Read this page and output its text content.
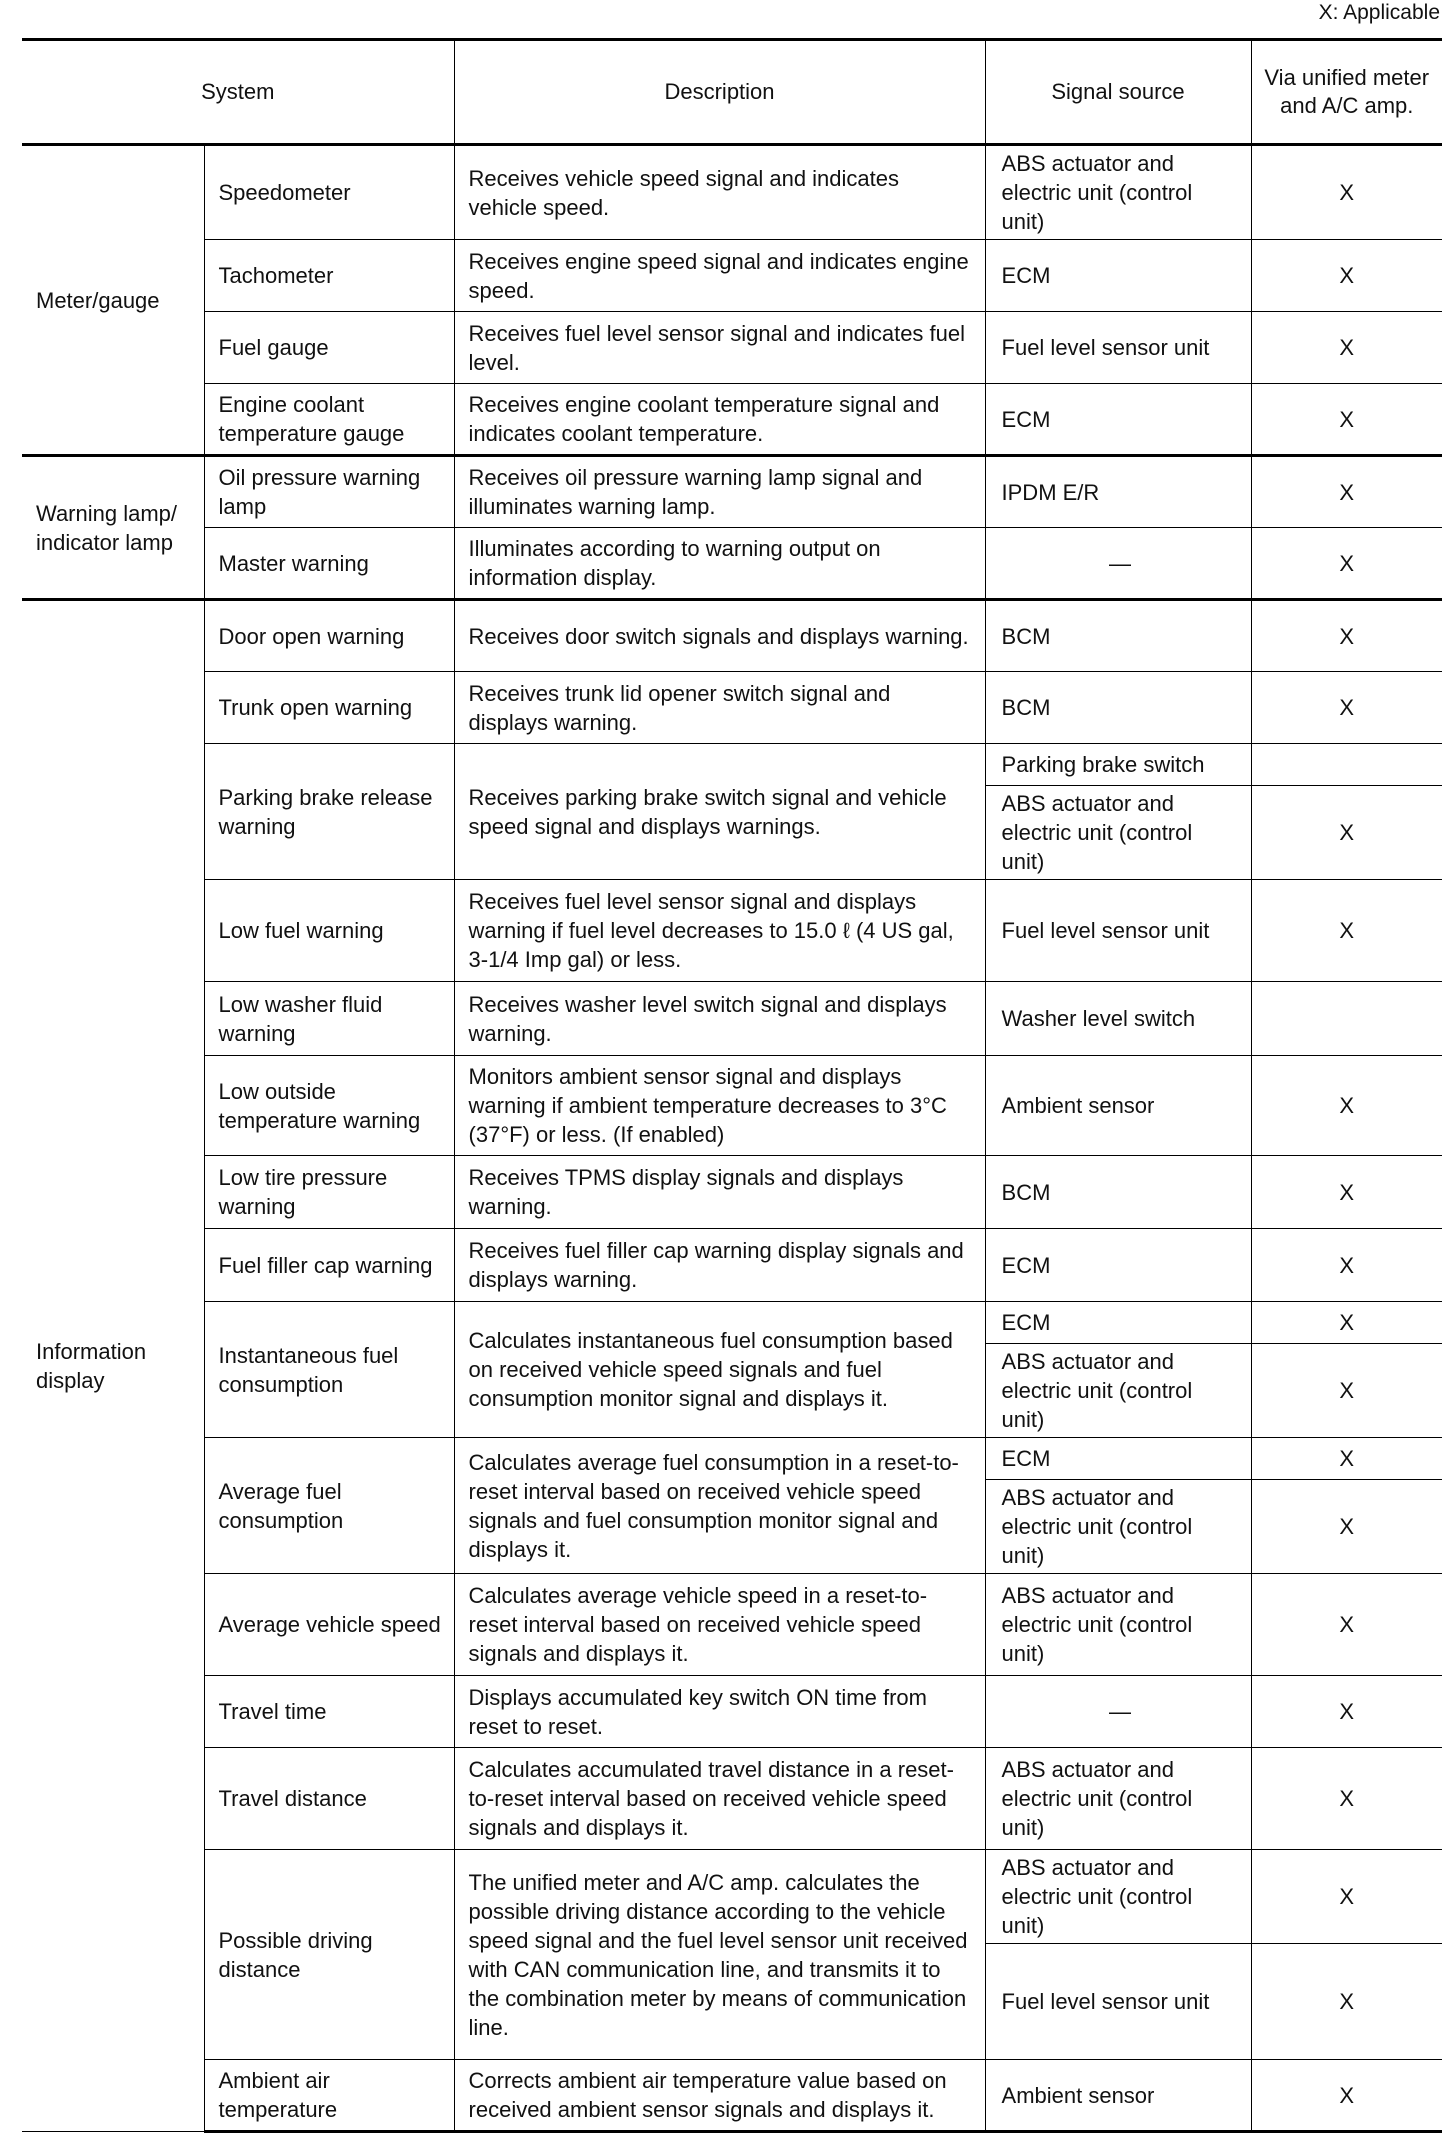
X: Applicable
System		Description	Signal source	Via unified meter and A/C amp.
Meter/gauge	Speedometer	Receives vehicle speed signal and indicates vehicle speed.	ABS actuator and electric unit (control unit)	X
	Tachometer	Receives engine speed signal and indicates engine speed.	ECM	X
	Fuel gauge	Receives fuel level sensor signal and indicates fuel level.	Fuel level sensor unit	X
	Engine coolant temperature gauge	Receives engine coolant temperature signal and indicates coolant temperature.	ECM	X
Warning lamp/ indicator lamp	Oil pressure warning lamp	Receives oil pressure warning lamp signal and illuminates warning lamp.	IPDM E/R	X
	Master warning	Illuminates according to warning output on information display.	—	X
Information display	Door open warning	Receives door switch signals and displays warning.	BCM	X
	Trunk open warning	Receives trunk lid opener switch signal and displays warning.	BCM	X
	Parking brake release warning	Receives parking brake switch signal and vehicle speed signal and displays warnings.	Parking brake switch	
			ABS actuator and electric unit (control unit)	X
	Low fuel warning	Receives fuel level sensor signal and displays warning if fuel level decreases to 15.0 ℓ (4 US gal, 3-1/4 Imp gal) or less.	Fuel level sensor unit	X
	Low washer fluid warning	Receives washer level switch signal and displays warning.	Washer level switch	
	Low outside temperature warning	Monitors ambient sensor signal and displays warning if ambient temperature decreases to 3°C (37°F) or less. (If enabled)	Ambient sensor	X
	Low tire pressure warning	Receives TPMS display signals and displays warning.	BCM	X
	Fuel filler cap warning	Receives fuel filler cap warning display signals and displays warning.	ECM	X
	Instantaneous fuel consumption	Calculates instantaneous fuel consumption based on received vehicle speed signals and fuel consumption monitor signal and displays it.	ECM	X
			ABS actuator and electric unit (control unit)	X
	Average fuel consumption	Calculates average fuel consumption in a reset-to-reset interval based on received vehicle speed signals and fuel consumption monitor signal and displays it.	ECM	X
			ABS actuator and electric unit (control unit)	X
	Average vehicle speed	Calculates average vehicle speed in a reset-to-reset interval based on received vehicle speed signals and displays it.	ABS actuator and electric unit (control unit)	X
	Travel time	Displays accumulated key switch ON time from reset to reset.	—	X
	Travel distance	Calculates accumulated travel distance in a reset-to-reset interval based on received vehicle speed signals and displays it.	ABS actuator and electric unit (control unit)	X
	Possible driving distance	The unified meter and A/C amp. calculates the possible driving distance according to the vehicle speed signal and the fuel level sensor unit received with CAN communication line, and transmits it to the combination meter by means of communication line.	ABS actuator and electric unit (control unit)	X
			Fuel level sensor unit	X
	Ambient air temperature	Corrects ambient air temperature value based on received ambient sensor signals and displays it.	Ambient sensor	X
